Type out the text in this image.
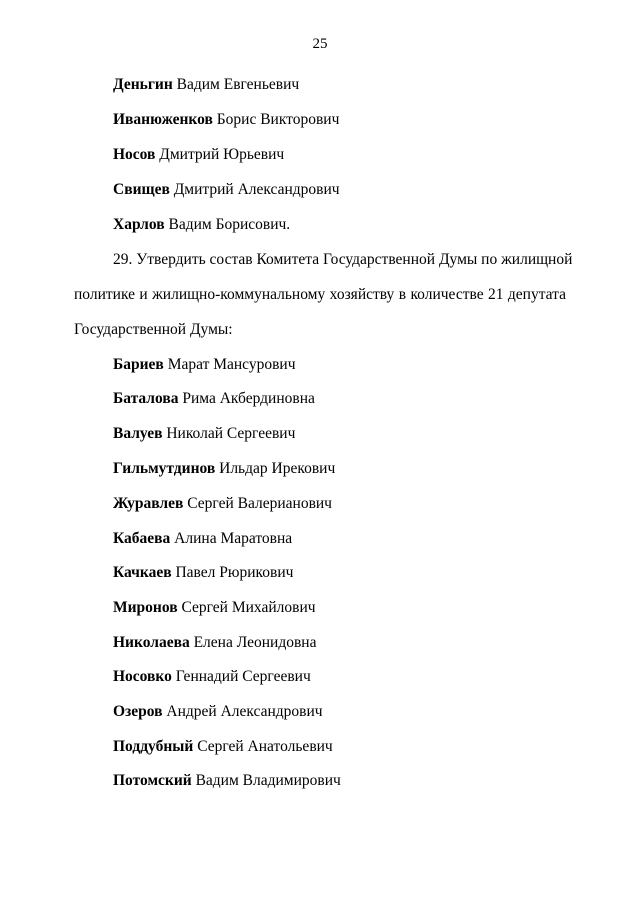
25
Деньгин Вадим Евгеньевич
Иванюженков Борис Викторович
Носов Дмитрий Юрьевич
Свищев Дмитрий Александрович
Харлов Вадим Борисович.
29. Утвердить состав Комитета Государственной Думы по жилищной
политике и жилищно-коммунальному хозяйству в количестве 21 депутата
Государственной Думы:
Бариев Марат Мансурович
Баталова Рима Акбердиновна
Валуев Николай Сергеевич
Гильмутдинов Ильдар Ирекович
Журавлев Сергей Валерианович
Кабаева Алина Маратовна
Качкаев Павел Рюрикович
Миронов Сергей Михайлович
Николаева Елена Леонидовна
Носовко Геннадий Сергеевич
Озеров Андрей Александрович
Поддубный Сергей Анатольевич
Потомский Вадим Владимирович
